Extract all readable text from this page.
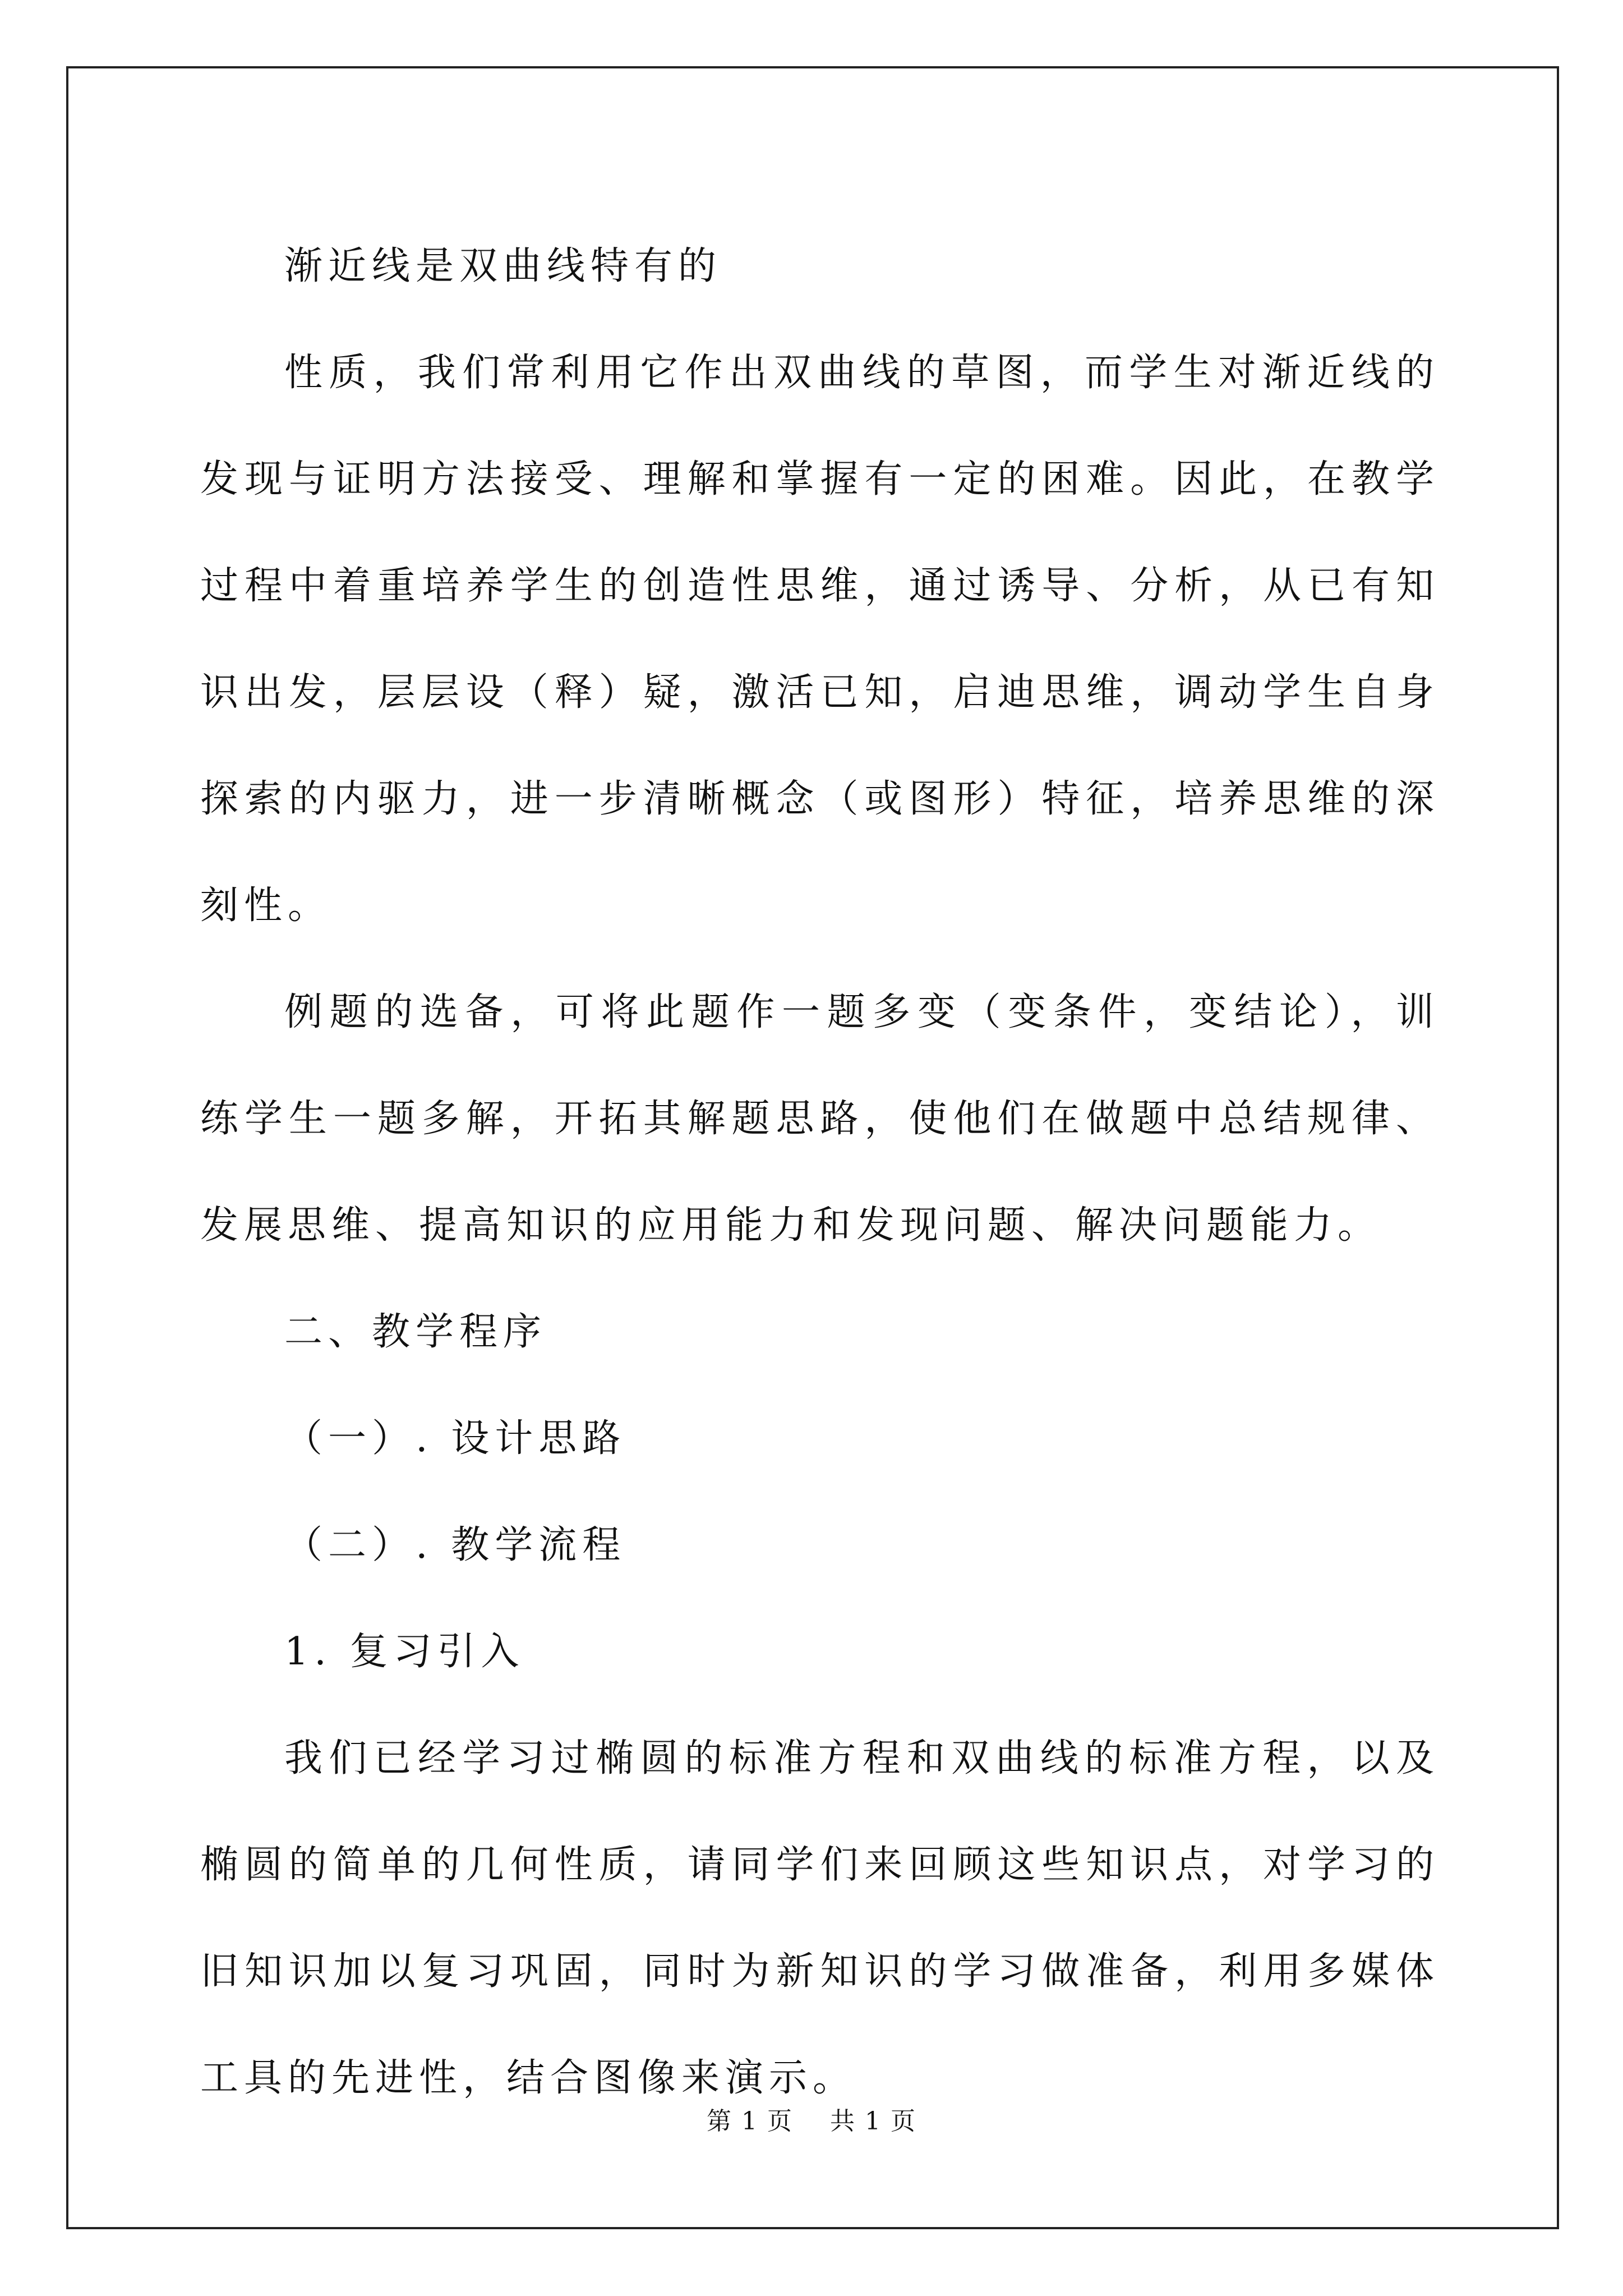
渐近线是双曲线特有的

性质，我们常利用它作出双曲线的草图，而学生对渐近线的发现与证明方法接受、理解和掌握有一定的困难。因此，在教学过程中着重培养学生的创造性思维，通过诱导、分析，从已有知识出发，层层设（释）疑，激活已知，启迪思维，调动学生自身探索的内驱力，进一步清晰概念（或图形）特征，培养思维的深刻性。

例题的选备，可将此题作一题多变（变条件，变结论），训练学生一题多解，开拓其解题思路，使他们在做题中总结规律、发展思维、提高知识的应用能力和发现问题、解决问题能力。

二、教学程序

（一）. 设计思路

（二）. 教学流程

1. 复习引入

我们已经学习过椭圆的标准方程和双曲线的标准方程，以及椭圆的简单的几何性质，请同学们来回顾这些知识点，对学习的旧知识加以复习巩固，同时为新知识的学习做准备，利用多媒体工具的先进性，结合图像来演示。

第 1 页 共 1 页
